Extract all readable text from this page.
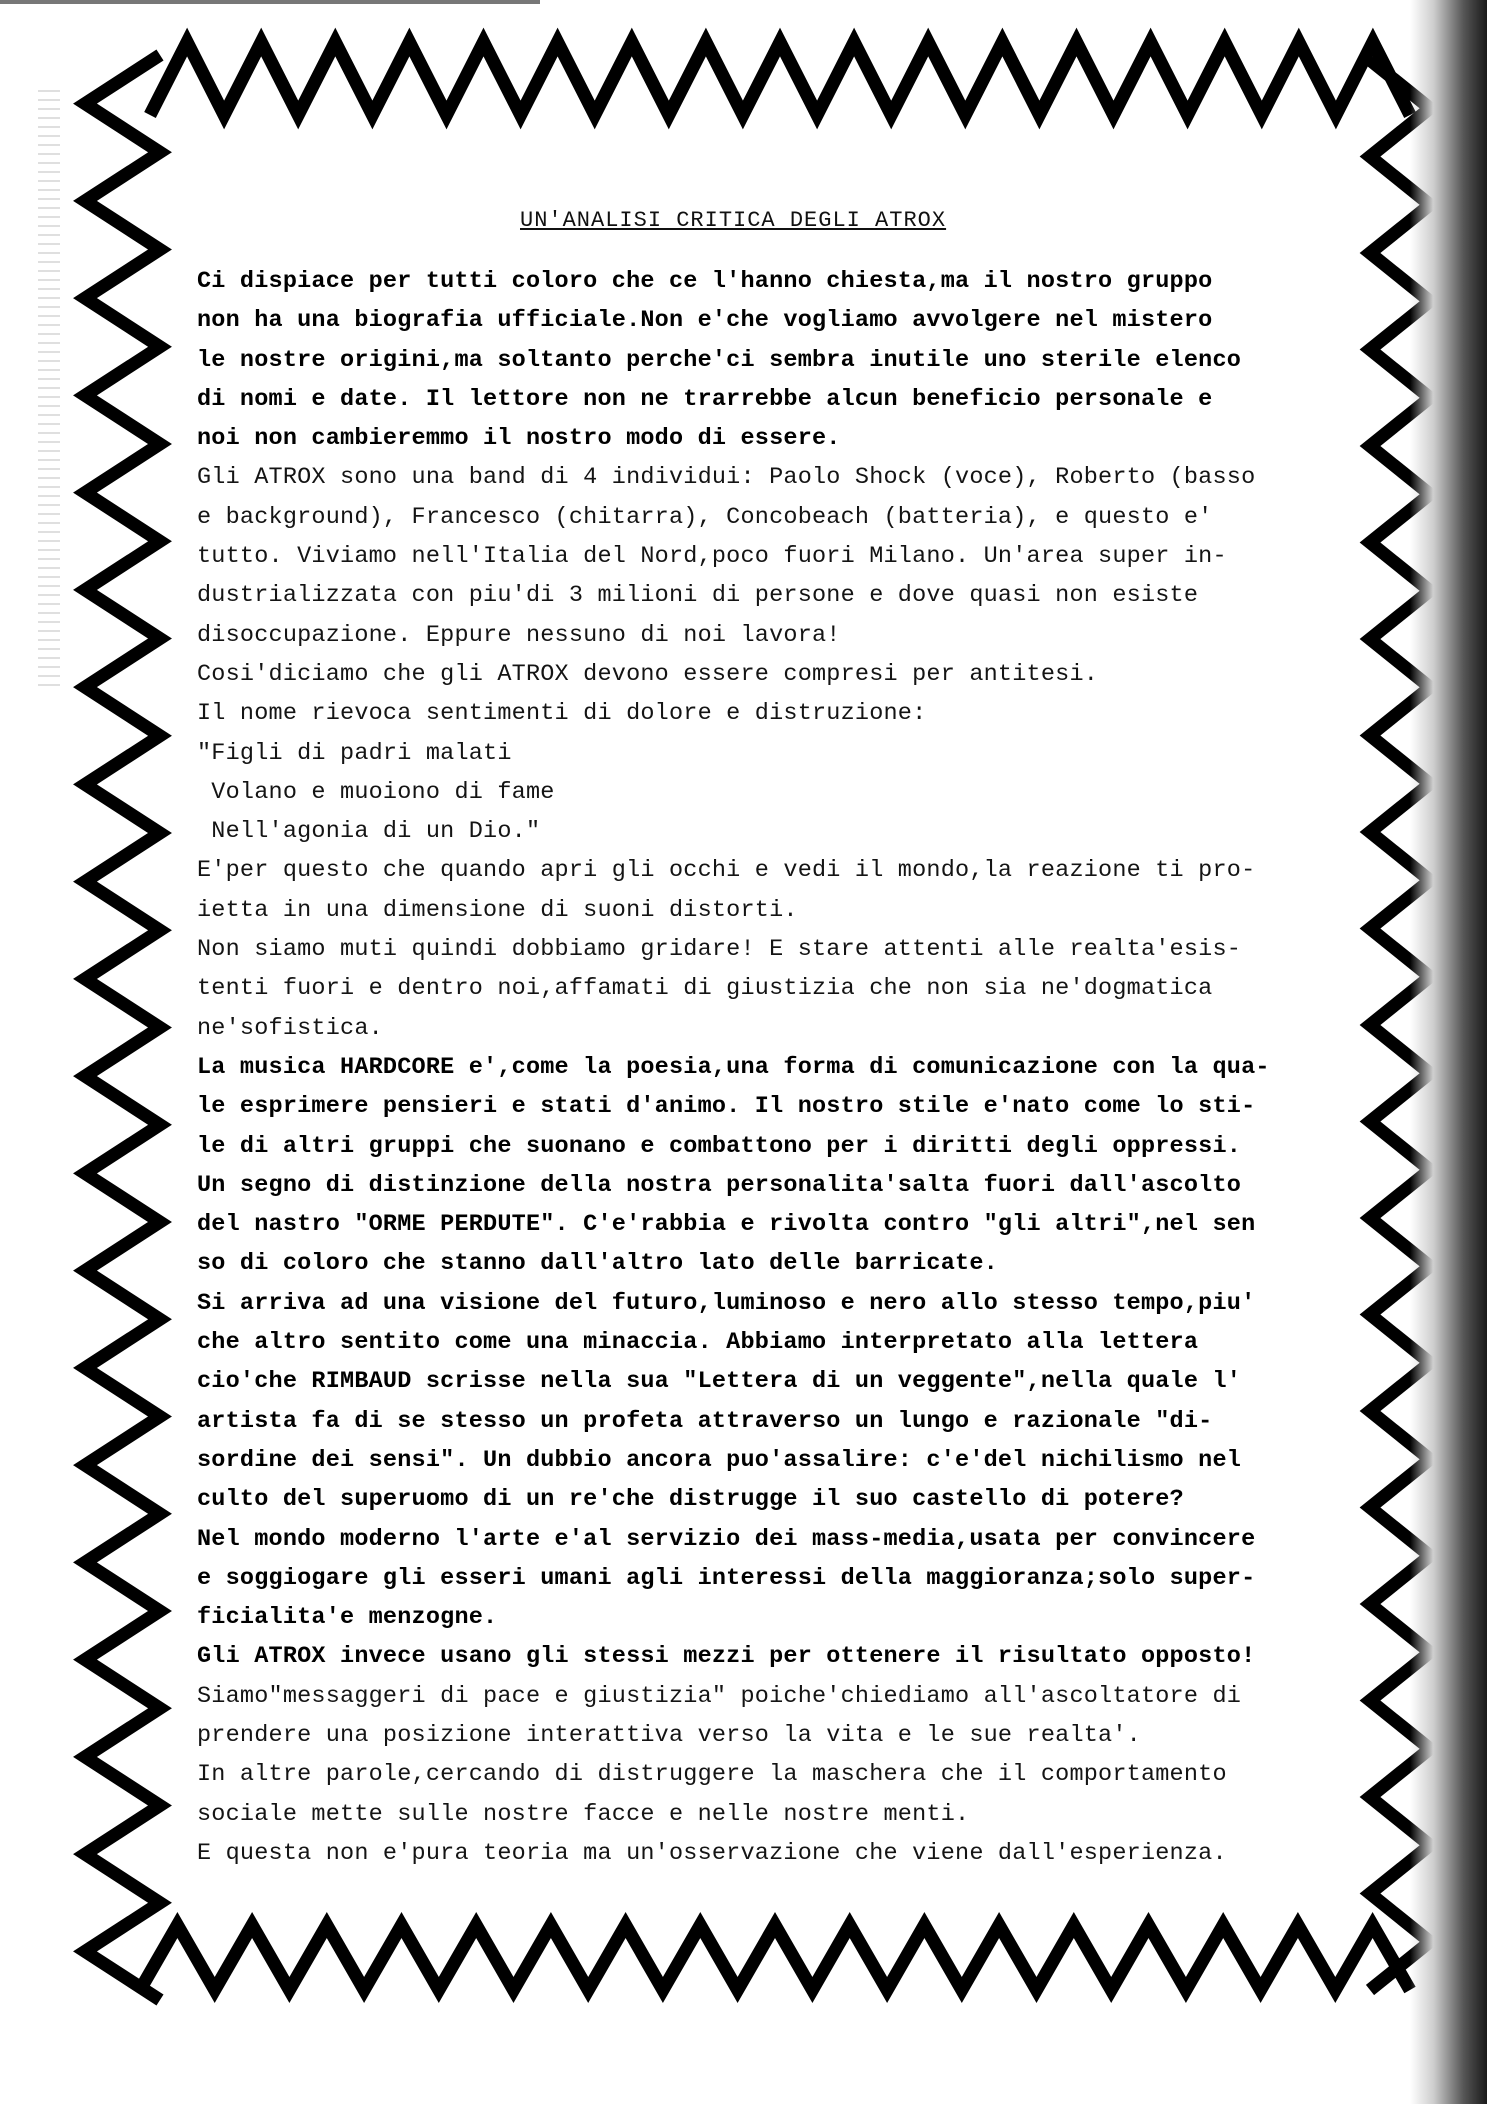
UN'ANALISI CRITICA DEGLI ATROX
Ci dispiace per tutti coloro che ce l'hanno chiesta,ma il nostro gruppo
non ha una biografia ufficiale.Non e'che vogliamo avvolgere nel mistero
le nostre origini,ma soltanto perche'ci sembra inutile uno sterile elenco
di nomi e date. Il lettore non ne trarrebbe alcun beneficio personale e
noi non cambieremmo il nostro modo di essere.
Gli ATROX sono una band di 4 individui: Paolo Shock (voce), Roberto (basso
e background), Francesco (chitarra), Concobeach (batteria), e questo e'
tutto. Viviamo nell'Italia del Nord,poco fuori Milano. Un'area super in-
dustrializzata con piu'di 3 milioni di persone e dove quasi non esiste
disoccupazione. Eppure nessuno di noi lavora!
Cosi'diciamo che gli ATROX devono essere compresi per antitesi.
Il nome rievoca sentimenti di dolore e distruzione:
"Figli di padri malati
Volano e muoiono di fame
Nell'agonia di un Dio."
E'per questo che quando apri gli occhi e vedi il mondo,la reazione ti pro-
ietta in una dimensione di suoni distorti.
Non siamo muti quindi dobbiamo gridare! E stare attenti alle realta'esis-
tenti fuori e dentro noi,affamati di giustizia che non sia ne'dogmatica
ne'sofistica.
La musica HARDCORE e',come la poesia,una forma di comunicazione con la qua-
le esprimere pensieri e stati d'animo. Il nostro stile e'nato come lo sti-
le di altri gruppi che suonano e combattono per i diritti degli oppressi.
Un segno di distinzione della nostra personalita'salta fuori dall'ascolto
del nastro "ORME PERDUTE". C'e'rabbia e rivolta contro "gli altri",nel sen
so di coloro che stanno dall'altro lato delle barricate.
Si arriva ad una visione del futuro,luminoso e nero allo stesso tempo,piu'
che altro sentito come una minaccia. Abbiamo interpretato alla lettera
cio'che RIMBAUD scrisse nella sua "Lettera di un veggente",nella quale l'
artista fa di se stesso un profeta attraverso un lungo e razionale "di-
sordine dei sensi". Un dubbio ancora puo'assalire: c'e'del nichilismo nel
culto del superuomo di un re'che distrugge il suo castello di potere?
Nel mondo moderno l'arte e'al servizio dei mass-media,usata per convincere
e soggiogare gli esseri umani agli interessi della maggioranza;solo super-
ficialita'e menzogne.
Gli ATROX invece usano gli stessi mezzi per ottenere il risultato opposto!
Siamo"messaggeri di pace e giustizia" poiche'chiediamo all'ascoltatore di
prendere una posizione interattiva verso la vita e le sue realta'.
In altre parole,cercando di distruggere la maschera che il comportamento
sociale mette sulle nostre facce e nelle nostre menti.
E questa non e'pura teoria ma un'osservazione che viene dall'esperienza.
